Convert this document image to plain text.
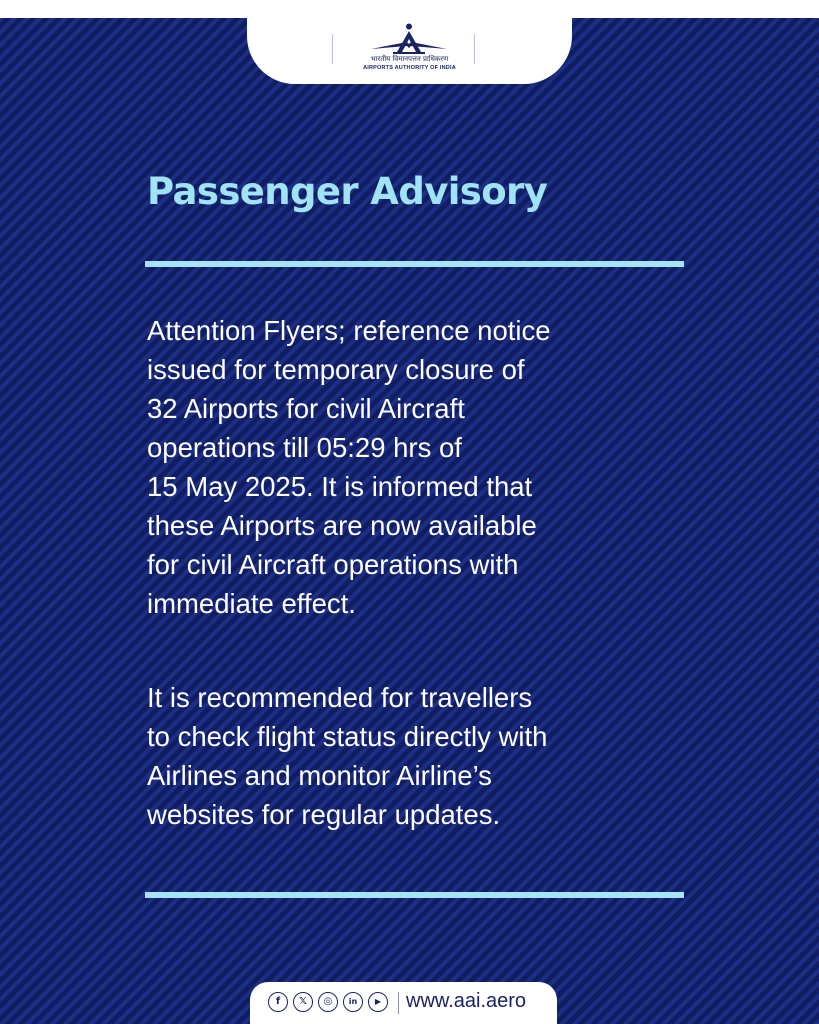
भारतीय विमानपत्तन प्राधिकरण
AIRPORTS AUTHORITY OF INDIA
Passenger Advisory

Attention Flyers; reference notice
issued for temporary closure of
32 Airports for civil Aircraft
operations till 05:29 hrs of
15 May 2025. It is informed that
these Airports are now available
for civil Aircraft operations with
immediate effect.

It is recommended for travellers
to check flight status directly with
Airlines and monitor Airline’s
websites for regular updates.

f	𝕏	◎	in	▶	www.aai.aero
